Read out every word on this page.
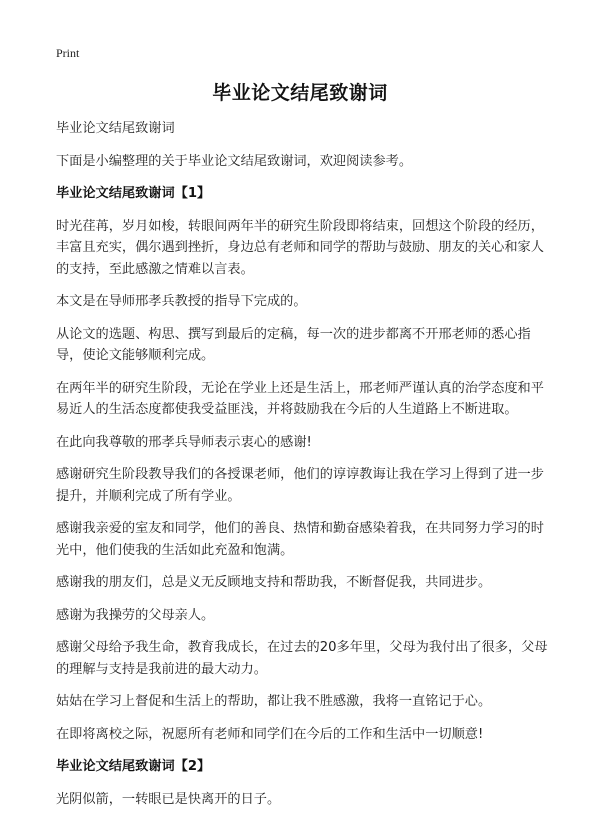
Print
毕业论文结尾致谢词

毕业论文结尾致谢词

下面是小编整理的关于毕业论文结尾致谢词，欢迎阅读参考。

毕业论文结尾致谢词【1】

时光荏苒，岁月如梭，转眼间两年半的研究生阶段即将结束，回想这个阶段的经历，丰富且充实，偶尔遇到挫折，身边总有老师和同学的帮助与鼓励、朋友的关心和家人的支持，至此感激之情难以言表。

本文是在导师邢孝兵教授的指导下完成的。

从论文的选题、构思、撰写到最后的定稿，每一次的进步都离不开邢老师的悉心指导，使论文能够顺利完成。

在两年半的研究生阶段，无论在学业上还是生活上，邢老师严谨认真的治学态度和平易近人的生活态度都使我受益匪浅，并将鼓励我在今后的人生道路上不断进取。

在此向我尊敬的邢孝兵导师表示衷心的感谢!

感谢研究生阶段教导我们的各授课老师，他们的谆谆教诲让我在学习上得到了进一步提升，并顺利完成了所有学业。

感谢我亲爱的室友和同学，他们的善良、热情和勤奋感染着我，在共同努力学习的时光中，他们使我的生活如此充盈和饱满。

感谢我的朋友们，总是义无反顾地支持和帮助我，不断督促我，共同进步。

感谢为我操劳的父母亲人。

感谢父母给予我生命，教育我成长，在过去的20多年里，父母为我付出了很多，父母的理解与支持是我前进的最大动力。

姑姑在学习上督促和生活上的帮助，都让我不胜感激，我将一直铭记于心。

在即将离校之际，祝愿所有老师和同学们在今后的工作和生活中一切顺意!

毕业论文结尾致谢词【2】

光阴似箭，一转眼已是快离开的日子。
